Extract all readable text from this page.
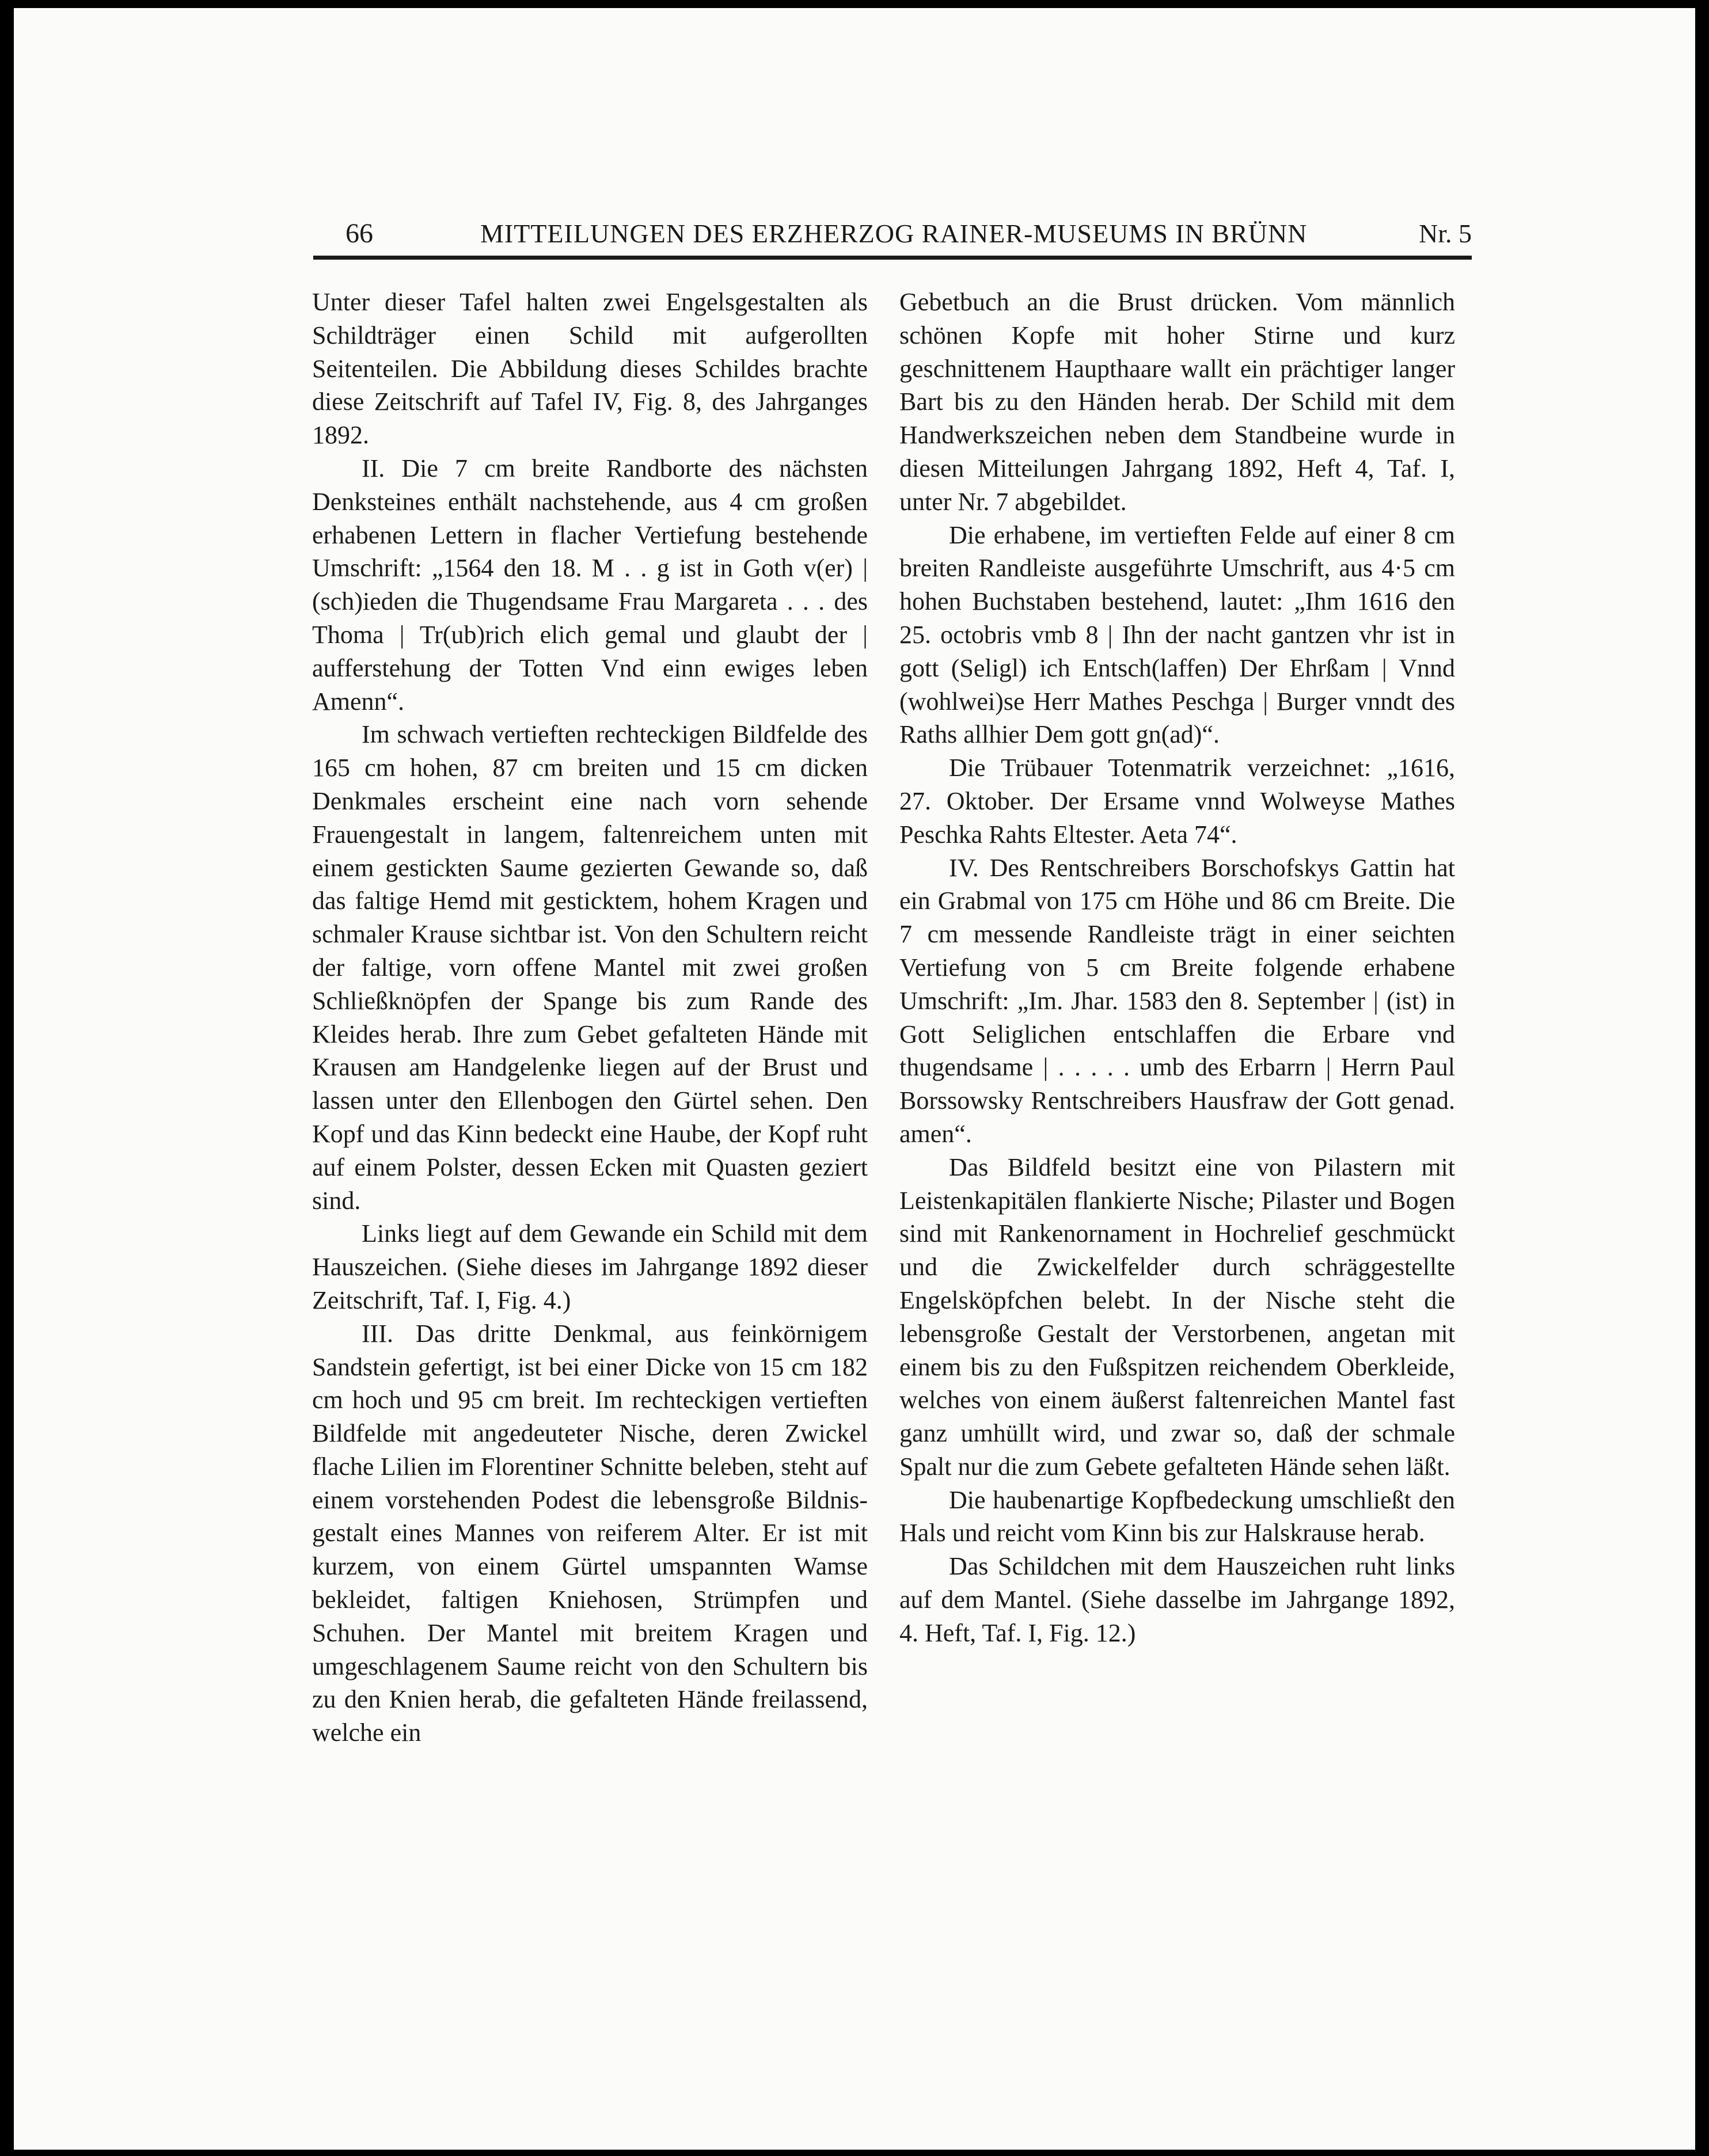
66	MITTEILUNGEN DES ERZHERZOG RAINER-MUSEUMS IN BRÜNN	Nr. 5

Unter dieser Tafel halten zwei Engelsgestalten als Schildträger einen Schild mit aufgerollten Seitenteilen. Die Abbildung dieses Schildes brachte diese Zeitschrift auf Tafel IV, Fig. 8, des Jahrganges 1892.

II. Die 7 cm breite Randborte des nächsten Denksteines enthält nachstehende, aus 4 cm großen erhabenen Lettern in flacher Vertiefung bestehende Umschrift: „1564 den 18. M . . g ist in Goth v(er) | (sch)ieden die Thugendsame Frau Margareta . . . des Thoma | Tr(ub)rich elich gemal und glaubt der | aufferstehung der Totten Vnd einn ewiges leben Amenn“.

Im schwach vertieften rechteckigen Bildfelde des 165 cm hohen, 87 cm breiten und 15 cm dicken Denkmales erscheint eine nach vorn sehende Frauengestalt in langem, faltenreichem unten mit einem gestickten Saume gezierten Gewande so, daß das faltige Hemd mit gesticktem, hohem Kragen und schmaler Krause sichtbar ist. Von den Schultern reicht der faltige, vorn offene Mantel mit zwei großen Schließknöpfen der Spange bis zum Rande des Kleides herab. Ihre zum Gebet gefalteten Hände mit Krausen am Handgelenke liegen auf der Brust und lassen unter den Ellenbogen den Gürtel sehen. Den Kopf und das Kinn bedeckt eine Haube, der Kopf ruht auf einem Polster, dessen Ecken mit Quasten geziert sind.

Links liegt auf dem Gewande ein Schild mit dem Hauszeichen. (Siehe dieses im Jahrgange 1892 dieser Zeitschrift, Taf. I, Fig. 4.)

III. Das dritte Denkmal, aus feinkörnigem Sandstein gefertigt, ist bei einer Dicke von 15 cm 182 cm hoch und 95 cm breit. Im rechteckigen vertieften Bildfelde mit angedeuteter Nische, deren Zwickel flache Lilien im Florentiner Schnitte beleben, steht auf einem vorstehenden Podest die lebensgroße Bildnisgestalt eines Mannes von reiferem Alter. Er ist mit kurzem, von einem Gürtel umspannten Wamse bekleidet, faltigen Kniehosen, Strümpfen und Schuhen. Der Mantel mit breitem Kragen und umgeschlagenem Saume reicht von den Schultern bis zu den Knien herab, die gefalteten Hände freilassend, welche ein

Gebetbuch an die Brust drücken. Vom männlich schönen Kopfe mit hoher Stirne und kurz geschnittenem Haupthaare wallt ein prächtiger langer Bart bis zu den Händen herab. Der Schild mit dem Handwerkszeichen neben dem Standbeine wurde in diesen Mitteilungen Jahrgang 1892, Heft 4, Taf. I, unter Nr. 7 abgebildet.

Die erhabene, im vertieften Felde auf einer 8 cm breiten Randleiste ausgeführte Umschrift, aus 4·5 cm hohen Buchstaben bestehend, lautet: „Ihm 1616 den 25. octobris vmb 8 | Ihn der nacht gantzen vhr ist in gott (Seligl) ich Entsch(laffen) Der Ehrßam | Vnnd (wohlwei)se Herr Mathes Peschga | Burger vnndt des Raths allhier Dem gott gn(ad)“.

Die Trübauer Totenmatrik verzeichnet: „1616, 27. Oktober. Der Ersame vnnd Wolweyse Mathes Peschka Rahts Eltester. Aeta 74“.

IV. Des Rentschreibers Borschofskys Gattin hat ein Grabmal von 175 cm Höhe und 86 cm Breite. Die 7 cm messende Randleiste trägt in einer seichten Vertiefung von 5 cm Breite folgende erhabene Umschrift: „Im. Jhar. 1583 den 8. September | (ist) in Gott Seliglichen entschlaffen die Erbare vnd thugendsame | . . . . . umb des Erbarrn | Herrn Paul Borssowsky Rentschreibers Hausfraw der Gott genad. amen“.

Das Bildfeld besitzt eine von Pilastern mit Leistenkapitälen flankierte Nische; Pilaster und Bogen sind mit Rankenornament in Hochrelief geschmückt und die Zwickelfelder durch schräggestellte Engelsköpfchen belebt. In der Nische steht die lebensgroße Gestalt der Verstorbenen, angetan mit einem bis zu den Fußspitzen reichendem Oberkleide, welches von einem äußerst faltenreichen Mantel fast ganz umhüllt wird, und zwar so, daß der schmale Spalt nur die zum Gebete gefalteten Hände sehen läßt.

Die haubenartige Kopfbedeckung umschließt den Hals und reicht vom Kinn bis zur Halskrause herab.

Das Schildchen mit dem Hauszeichen ruht links auf dem Mantel. (Siehe dasselbe im Jahrgange 1892, 4. Heft, Taf. I, Fig. 12.)
